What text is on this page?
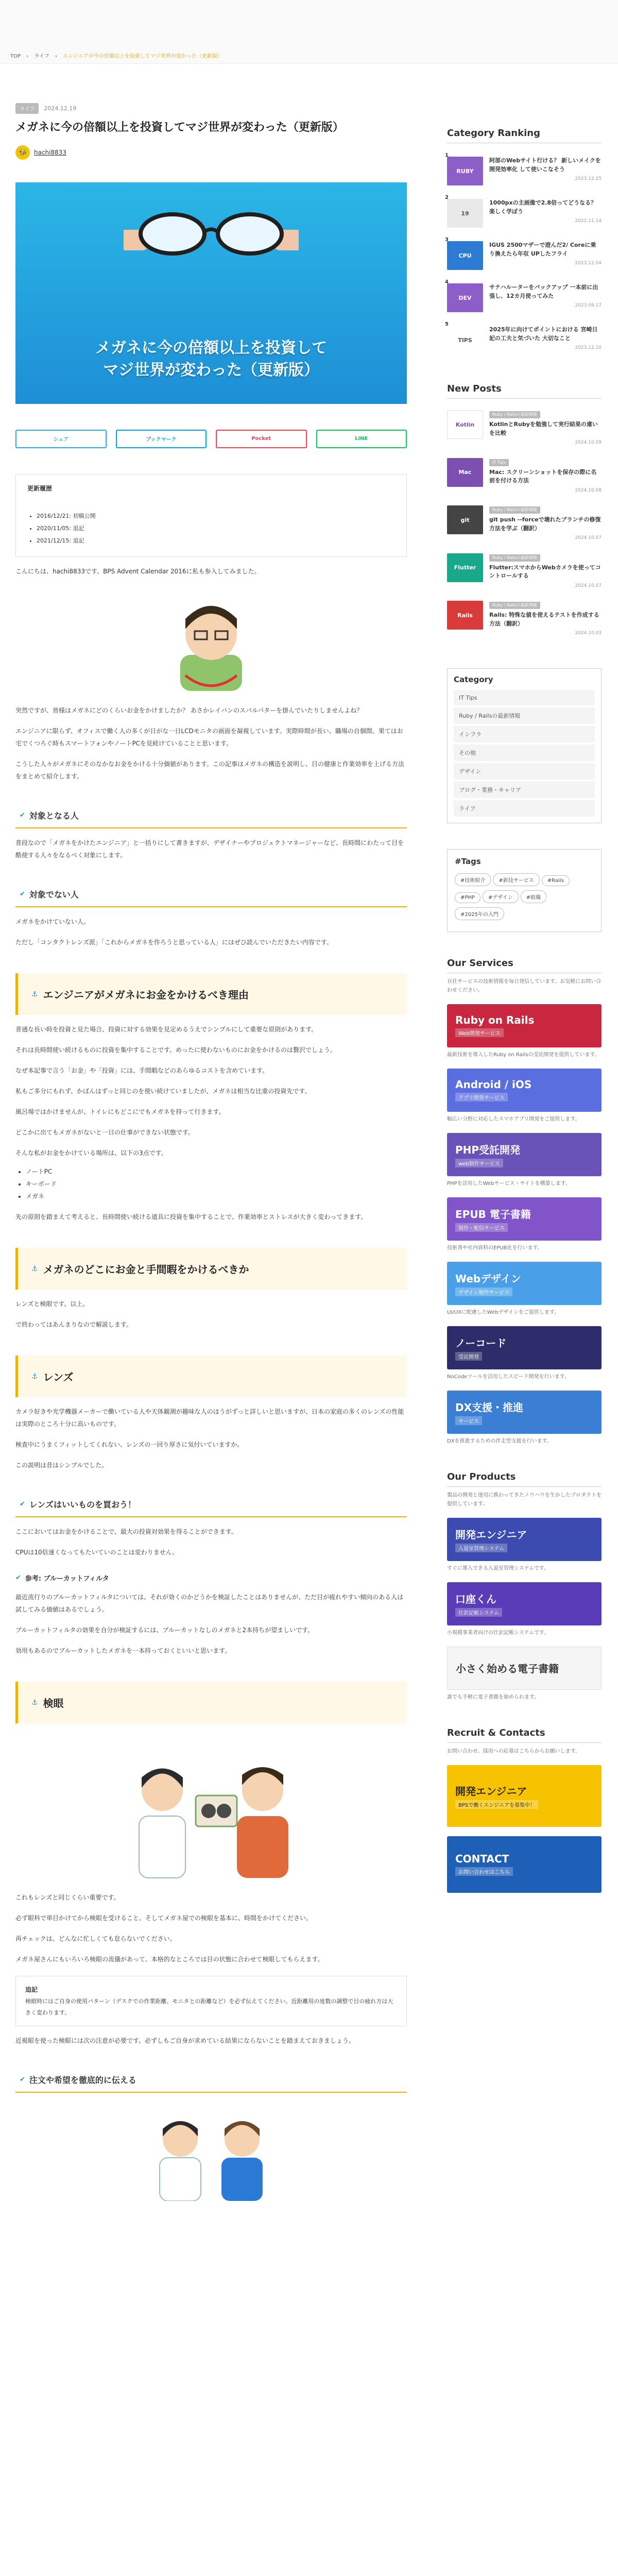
TOP › ライフ › エンジニアが今の倍額以上を投資してマジ世界が変わった（更新版）
ライフ	2024.12.19
メガネに今の倍額以上を投資してマジ世界が変わった（更新版）
🐝	hachi8833
メガネに今の倍額以上を投資して
マジ世界が変わった（更新版）
シェア	ブックマーク	Pocket	LINE
更新履歴
• 2016/12/21: 初稿公開
• 2020/11/05: 追記
• 2021/12/15: 追記

こんにちは、hachi8833です。BPS Advent Calendar 2016に私も参入してみました。

突然ですが、皆様はメガネにどのくらいお金をかけましたか？ あさかレイバンのスパルパターを掛んでいたりしませんよね？

エンジニアに限らず、オフィスで働く人の多くが日がな一日LCDモニタの画面を凝視しています。実際時間が長い。職場の自個間、果てはお宅でくつろぐ時もスマートフォンやノートPCを見続けていることと思います。

こうした人々がメガネにそのなかなお金をかける十分価値があります。この記事はメガネの構造を説明し、目の健康と作業効率を上げる方法をまとめて紹介します。

✔ 対象となる人

普段なので「メガネをかけたエンジニア」と一括りにして書きますが、デザイナーやプロジェクトマネージャーなど、長時間にわたって目を酷使する人々をなるべく対象にします。

✔ 対象でない人

メガネをかけていない人。

ただし「コンタクトレンズ派」「これからメガネを作ろうと思っている人」にはぜひ読んでいただきたい内容です。

⚓ エンジニアがメガネにお金をかけるべき理由

普通な長い時を投資と見た場合、投資に対する効果を見定めるうえでシンプルにして重要な原則があります。

それは長時間使い続けるものに投資を集中することです。めったに使わないものにお金をかけるのは贅沢でしょう。

なぜ本記事で言う「お金」や「投資」には、手間暇などのあらゆるコストを含めています。

私もご多分にもれず、かばんはずっと同じのを使い続けていましたが、メガネは相当な比重の投資先です。

風呂場ではかけませんが、トイレにもどこにでもメガネを持って行きます。

どこかに出てもメガネがないと一日の仕事ができない状態です。

そんな私がお金をかけている場所は、以下の3点です。

• ノートPC
• キーボード
• メガネ

先の原則を踏まえて考えると、長時間使い続ける道具に投資を集中することで、作業効率とストレスが大きく変わってきます。

⚓ メガネのどこにお金と手間暇をかけるべきか

レンズと検眼です。以上。

で終わってはあんまりなので解説します。

⚓ レンズ

カメラ好きや光学機器メーカーで働いている人や天体観測が趣味な人のほうがずっと詳しいと思いますが、日本の家庭の多くのレンズの性能は実際のところ十分に高いものです。

検査中にうまくフィットしてくれない、レンズの一回り厚さに気付いていますか。

この説明は昔はシンプルでした。

✔ レンズはいいものを買おう！

ここにおいてはお金をかけることで、最大の投資対効果を得ることができます。

CPUは10倍速くなってもたいていのことは変わりません。

✔ 参考: ブルーカットフィルタ

最近流行りのブルーカットフィルタについては、それが効くのかどうかを検証したことはありませんが、ただ目が疲れやすい傾向のある人は試してみる価値はあるでしょう。

ブルーカットフィルタの効果を自分が検証するには、ブルーカットなしのメガネと2本持ちが望ましいです。

効用もあるのでブルーカットしたメガネを一本持っておくといいと思います。

⚓ 検眼

これもレンズと同じくらい重要です。

必ず眼科で単目かけてから検眼を受けること。そしてメガネ屋での検眼を基本に、時間をかけてください。

再チェックは、どんなに忙しくても怠らないでください。

メガネ屋さんにもいろいろ検眼の流儀があって、本格的なところでは目の状態に合わせて検眼してもらえます。

追記
検眼時にはご自身の使用パターン（デスクでの作業距離、モニタとの距離など）を必ず伝えてください。近距離用の度数の調整で目の疲れ方は大きく変わります。

近視眼を使った検眼には次の注意が必要です。必ずしもご自身が求めている結果にならないことを踏まえておきましょう。

✔ 注文や希望を徹底的に伝える
Category Ranking
1
RUBY
阿部のWebサイト行ける？ 新しいメイクを開発効率化 して使いこなそう
2023.12.25
2
19
1000pxの主画像で2.8倍ってどうなる？ 楽しく学ぼう
2022.11.14
3
CPU
IGUS 2500マザーで遊んだ2/ Coreに乗り換えたら年収 UPしたフライ
2023.12.04
4
DEV
サテハルーターをバックアップ 一本前に出張し、12カ月使ってみた
2023.09.17
5
TIPS
2025年に向けてポイントにおける 宮崎日記の工夫と気づいた 大切なこと
2023.12.10
New Posts
Kotlin
Ruby / Railsの最新情報
KotlinとRubyを勉強して実行結果の違いを比較
2024.10.09
Mac
IT Tips
Mac: スクリーンショットを保存の際に名前を付ける方法
2024.10.08
git
Ruby / Railsの最新情報
git push --forceで壊れたブランチの修復方法を学ぶ（翻訳）
2024.10.07
Flutter
Ruby / Railsの最新情報
Flutter:スマホからWebカメラを使ってコントロールする
2024.10.07
Rails
Ruby / Railsの最新情報
Rails: 特殊な値を使えるテストを作成する方法（翻訳）
2024.10.03
Category
IT Tips
Ruby / Railsの最新情報
インフラ
その他
デザイン
ブログ・業務・キャリア
ライフ
#Tags
#技術紹介	#新技サービス	#Rails#PHP	#デザイン	#組織#2025年の入門
Our Services
自社サービスの技術情報を毎日発信しています。お気軽にお問い合わせください。
Ruby on Rails
Web開発サービス
最新技術を導入したRuby on Railsの受託開発を提供しています。
Android / iOS
アプリ開発サービス
幅広い分野に対応したスマホアプリ開発をご提供します。
PHP受託開発
web制作サービス
PHPを活用したWebサービス・サイトを構築します。
EPUB 電子書籍
制作・配信サービス
技術書や社内資料のEPUB化を行います。
Webデザイン
デザイン制作サービス
UI/UXに配慮したWebデザインをご提供します。
ノーコード
受託開発
NoCodeツールを活用したスピード開発を行います。
DX支援・推進
サービス
DXを推進するための伴走型支援を行います。
Our Products
製品の開発と運用に携わってきたノウハウを生かしたプロダクトを提供しています。
開発エンジニア
入退室管理システム
すぐに導入できる入退室管理システムです。
口座くん
仕訳記帳システム
小規模事業者向けの仕訳記帳システムです。
小さく始める電子書籍
誰でも手軽に電子書籍を始められます。
Recruit & Contacts
お問い合わせ、採用への応募はこちらからお願いします。
開発エンジニア
BPSで働くエンジニアを募集中！
CONTACT
お問い合わせはこちら
